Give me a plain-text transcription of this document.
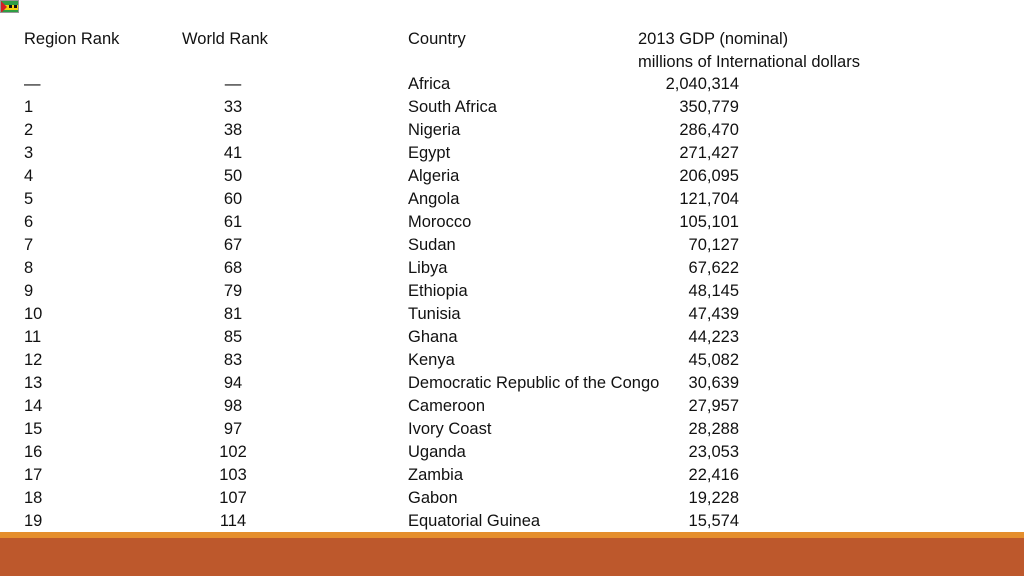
Region Rank	World Rank	Country	2013 GDP (nominal)
millions of International dollars
—	—	Africa	2,040,314
1	33	South Africa	350,779
2	38	Nigeria	286,470
3	41	Egypt	271,427
4	50	Algeria	206,095
5	60	Angola	121,704
6	61	Morocco	105,101
7	67	Sudan	70,127
8	68	Libya	67,622
9	79	Ethiopia	48,145
10	81	Tunisia	47,439
11	85	Ghana	44,223
12	83	Kenya	45,082
13	94	Democratic Republic of the Congo	30,639
14	98	Cameroon	27,957
15	97	Ivory Coast	28,288
16	102	Uganda	23,053
17	103	Zambia	22,416
18	107	Gabon	19,228
19	114	Equatorial Guinea	15,574
